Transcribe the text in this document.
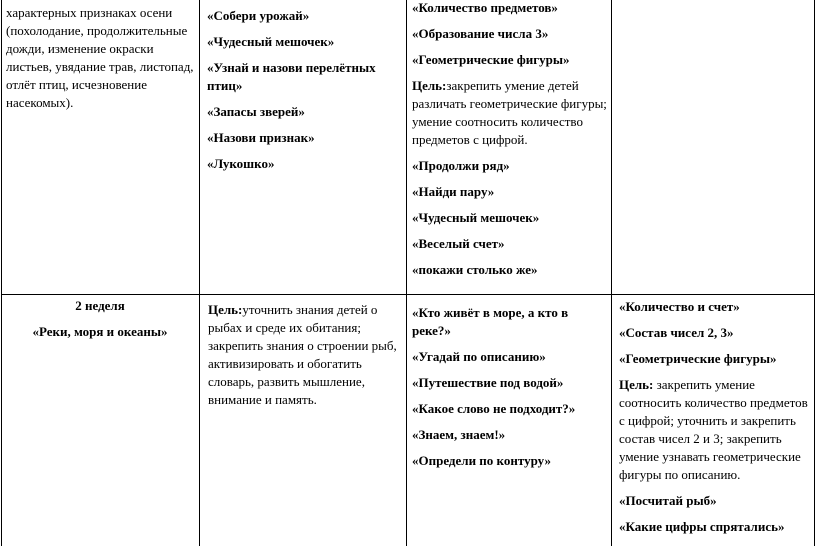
характерных признаках осени (похолодание, продолжительные дожди, изменение окраски листьев, увядание трав, листопад, отлёт птиц, исчезновение насекомых).

«Собери урожай»

«Чудесный мешочек»

«Узнай и назови перелётных птиц»

«Запасы зверей»

«Назови признак»

«Лукошко»

«Количество предметов»

«Образование числа 3»

«Геометрические фигуры»

Цель:закрепить умение детей различать геометрические фигуры; умение соотносить количество предметов с цифрой.

«Продолжи ряд»

«Найди пару»

«Чудесный мешочек»

«Веселый счет»

«покажи столько же»

2 неделя

«Реки, моря и океаны»

Цель:уточнить знания детей о рыбах и среде их обитания; закрепить знания о строении рыб, активизировать и обогатить словарь, развить мышление, внимание и память.

«Кто живёт в море, а кто в реке?»

«Угадай по описанию»

«Путешествие под водой»

«Какое слово не подходит?»

«Знаем, знаем!»

«Определи по контуру»

«Количество и счет»

«Состав чисел 2, 3»

«Геометрические фигуры»

Цель: закрепить умение соотносить количество предметов с цифрой; уточнить и закрепить состав чисел 2 и 3; закрепить умение узнавать геометрические фигуры по описанию.

«Посчитай рыб»

«Какие цифры спрятались»
